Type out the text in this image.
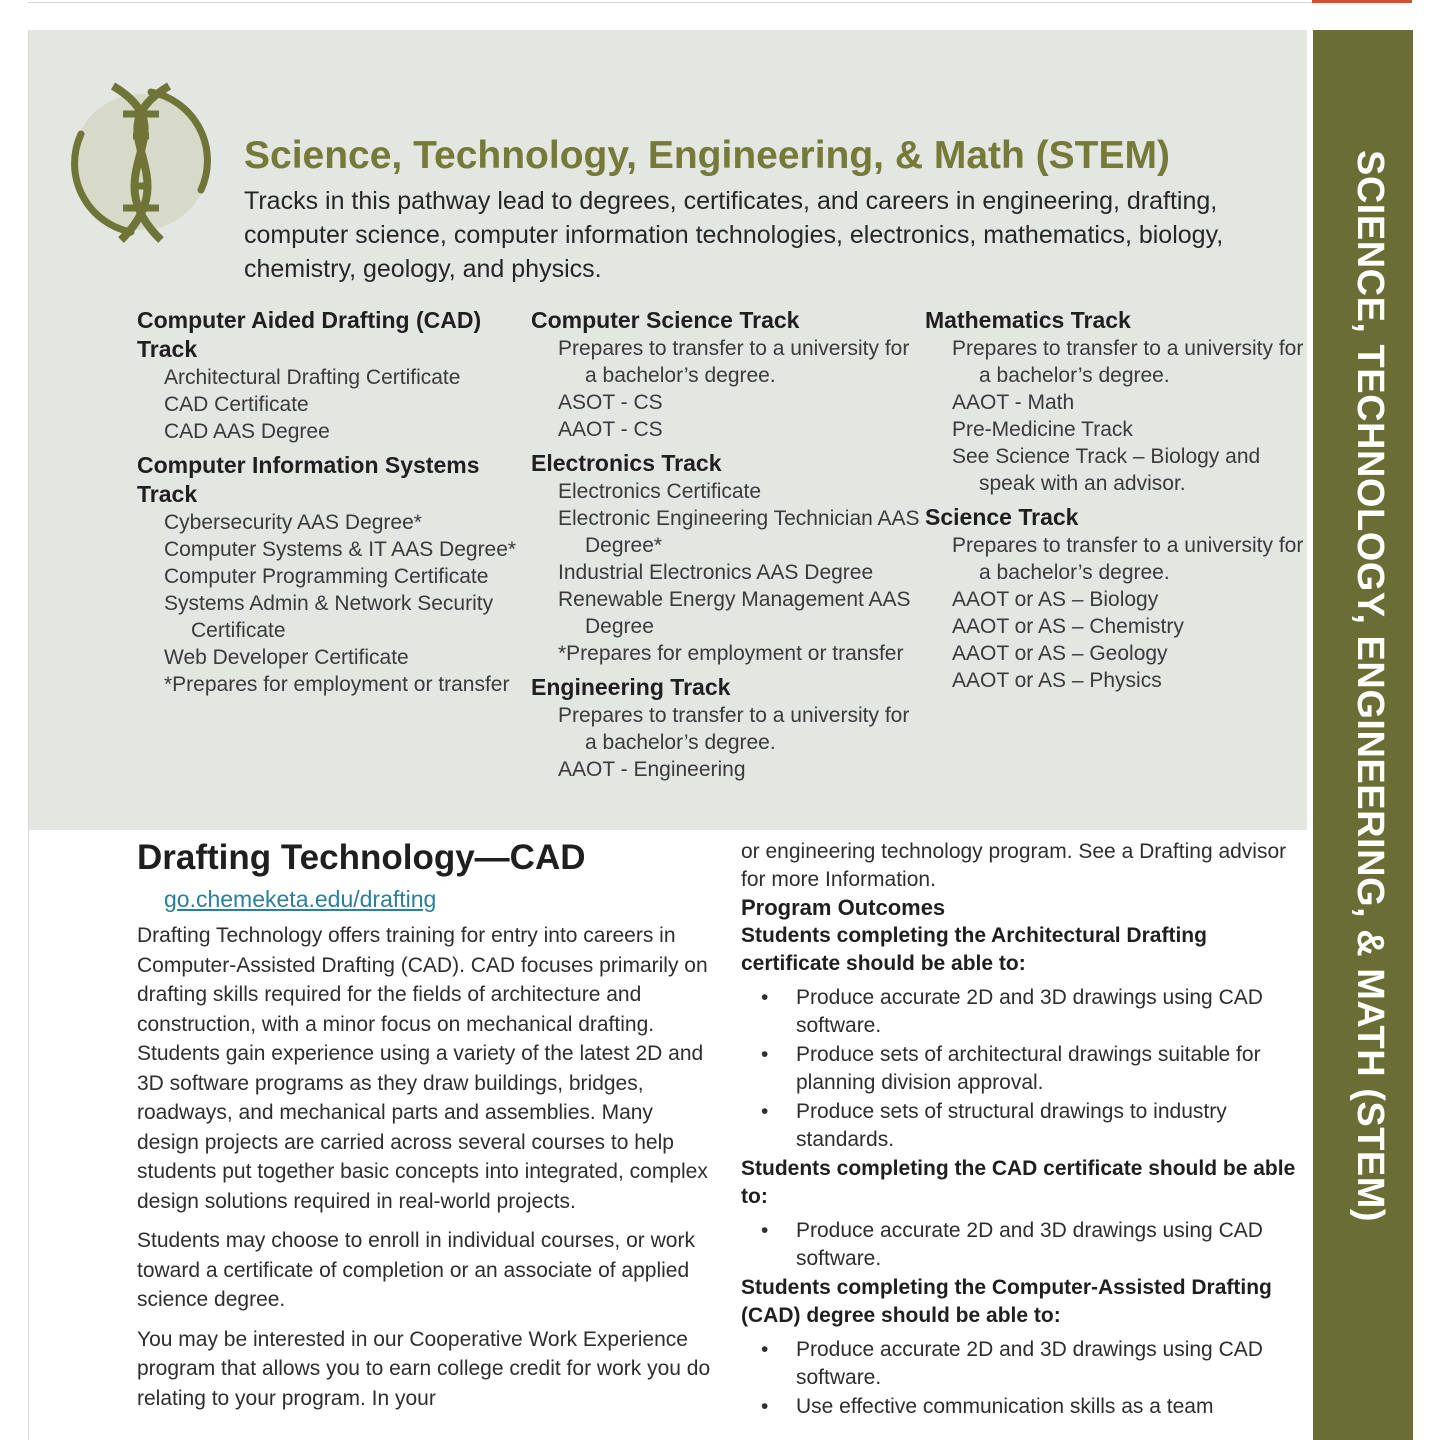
Science, Technology, Engineering, & Math (STEM)
Tracks in this pathway lead to degrees, certificates, and careers in engineering, drafting, computer science, computer information technologies, electronics, mathematics, biology, chemistry, geology, and physics.
Computer Aided Drafting (CAD) Track
Architectural Drafting Certificate
CAD Certificate
CAD AAS Degree
Computer Information Systems Track
Cybersecurity AAS Degree*
Computer Systems & IT AAS Degree*
Computer Programming Certificate
Systems Admin & Network Security Certificate
Web Developer Certificate
*Prepares for employment or transfer
Computer Science Track
Prepares to transfer to a university for a bachelor’s degree.
ASOT - CS
AAOT - CS
Electronics Track
Electronics Certificate
Electronic Engineering Technician AAS Degree*
Industrial Electronics AAS Degree
Renewable Energy Management AAS Degree
*Prepares for employment or transfer
Engineering Track
Prepares to transfer to a university for a bachelor’s degree.
AAOT - Engineering
Mathematics Track
Prepares to transfer to a university for a bachelor’s degree.
AAOT - Math
Pre-Medicine Track
See Science Track – Biology and speak with an advisor.
Science Track
Prepares to transfer to a university for a bachelor’s degree.
AAOT or AS – Biology
AAOT or AS – Chemistry
AAOT or AS – Geology
AAOT or AS – Physics
Drafting Technology—CAD
go.chemeketa.edu/drafting

Drafting Technology offers training for entry into careers in Computer-Assisted Drafting (CAD). CAD focuses primarily on drafting skills required for the fields of architecture and construction, with a minor focus on mechanical drafting. Students gain experience using a variety of the latest 2D and 3D software programs as they draw buildings, bridges, roadways, and mechanical parts and assemblies. Many design projects are carried across several courses to help students put together basic concepts into integrated, complex design solutions required in real-world projects.

Students may choose to enroll in individual courses, or work toward a certificate of completion or an associate of applied science degree.

You may be interested in our Cooperative Work Experience program that allows you to earn college credit for work you do relating to your program. In your

or engineering technology program. See a Drafting advisor for more Information.

Program Outcomes

Students completing the Architectural Drafting certificate should be able to:

• Produce accurate 2D and 3D drawings using CAD software.
• Produce sets of architectural drawings suitable for planning division approval.
• Produce sets of structural drawings to industry standards.

Students completing the CAD certificate should be able to:

• Produce accurate 2D and 3D drawings using CAD software.

Students completing the Computer-Assisted Drafting (CAD) degree should be able to:

• Produce accurate 2D and 3D drawings using CAD software.
• Use effective communication skills as a team
SCIENCE, TECHNOLOGY, ENGINEERING, & MATH (STEM)
